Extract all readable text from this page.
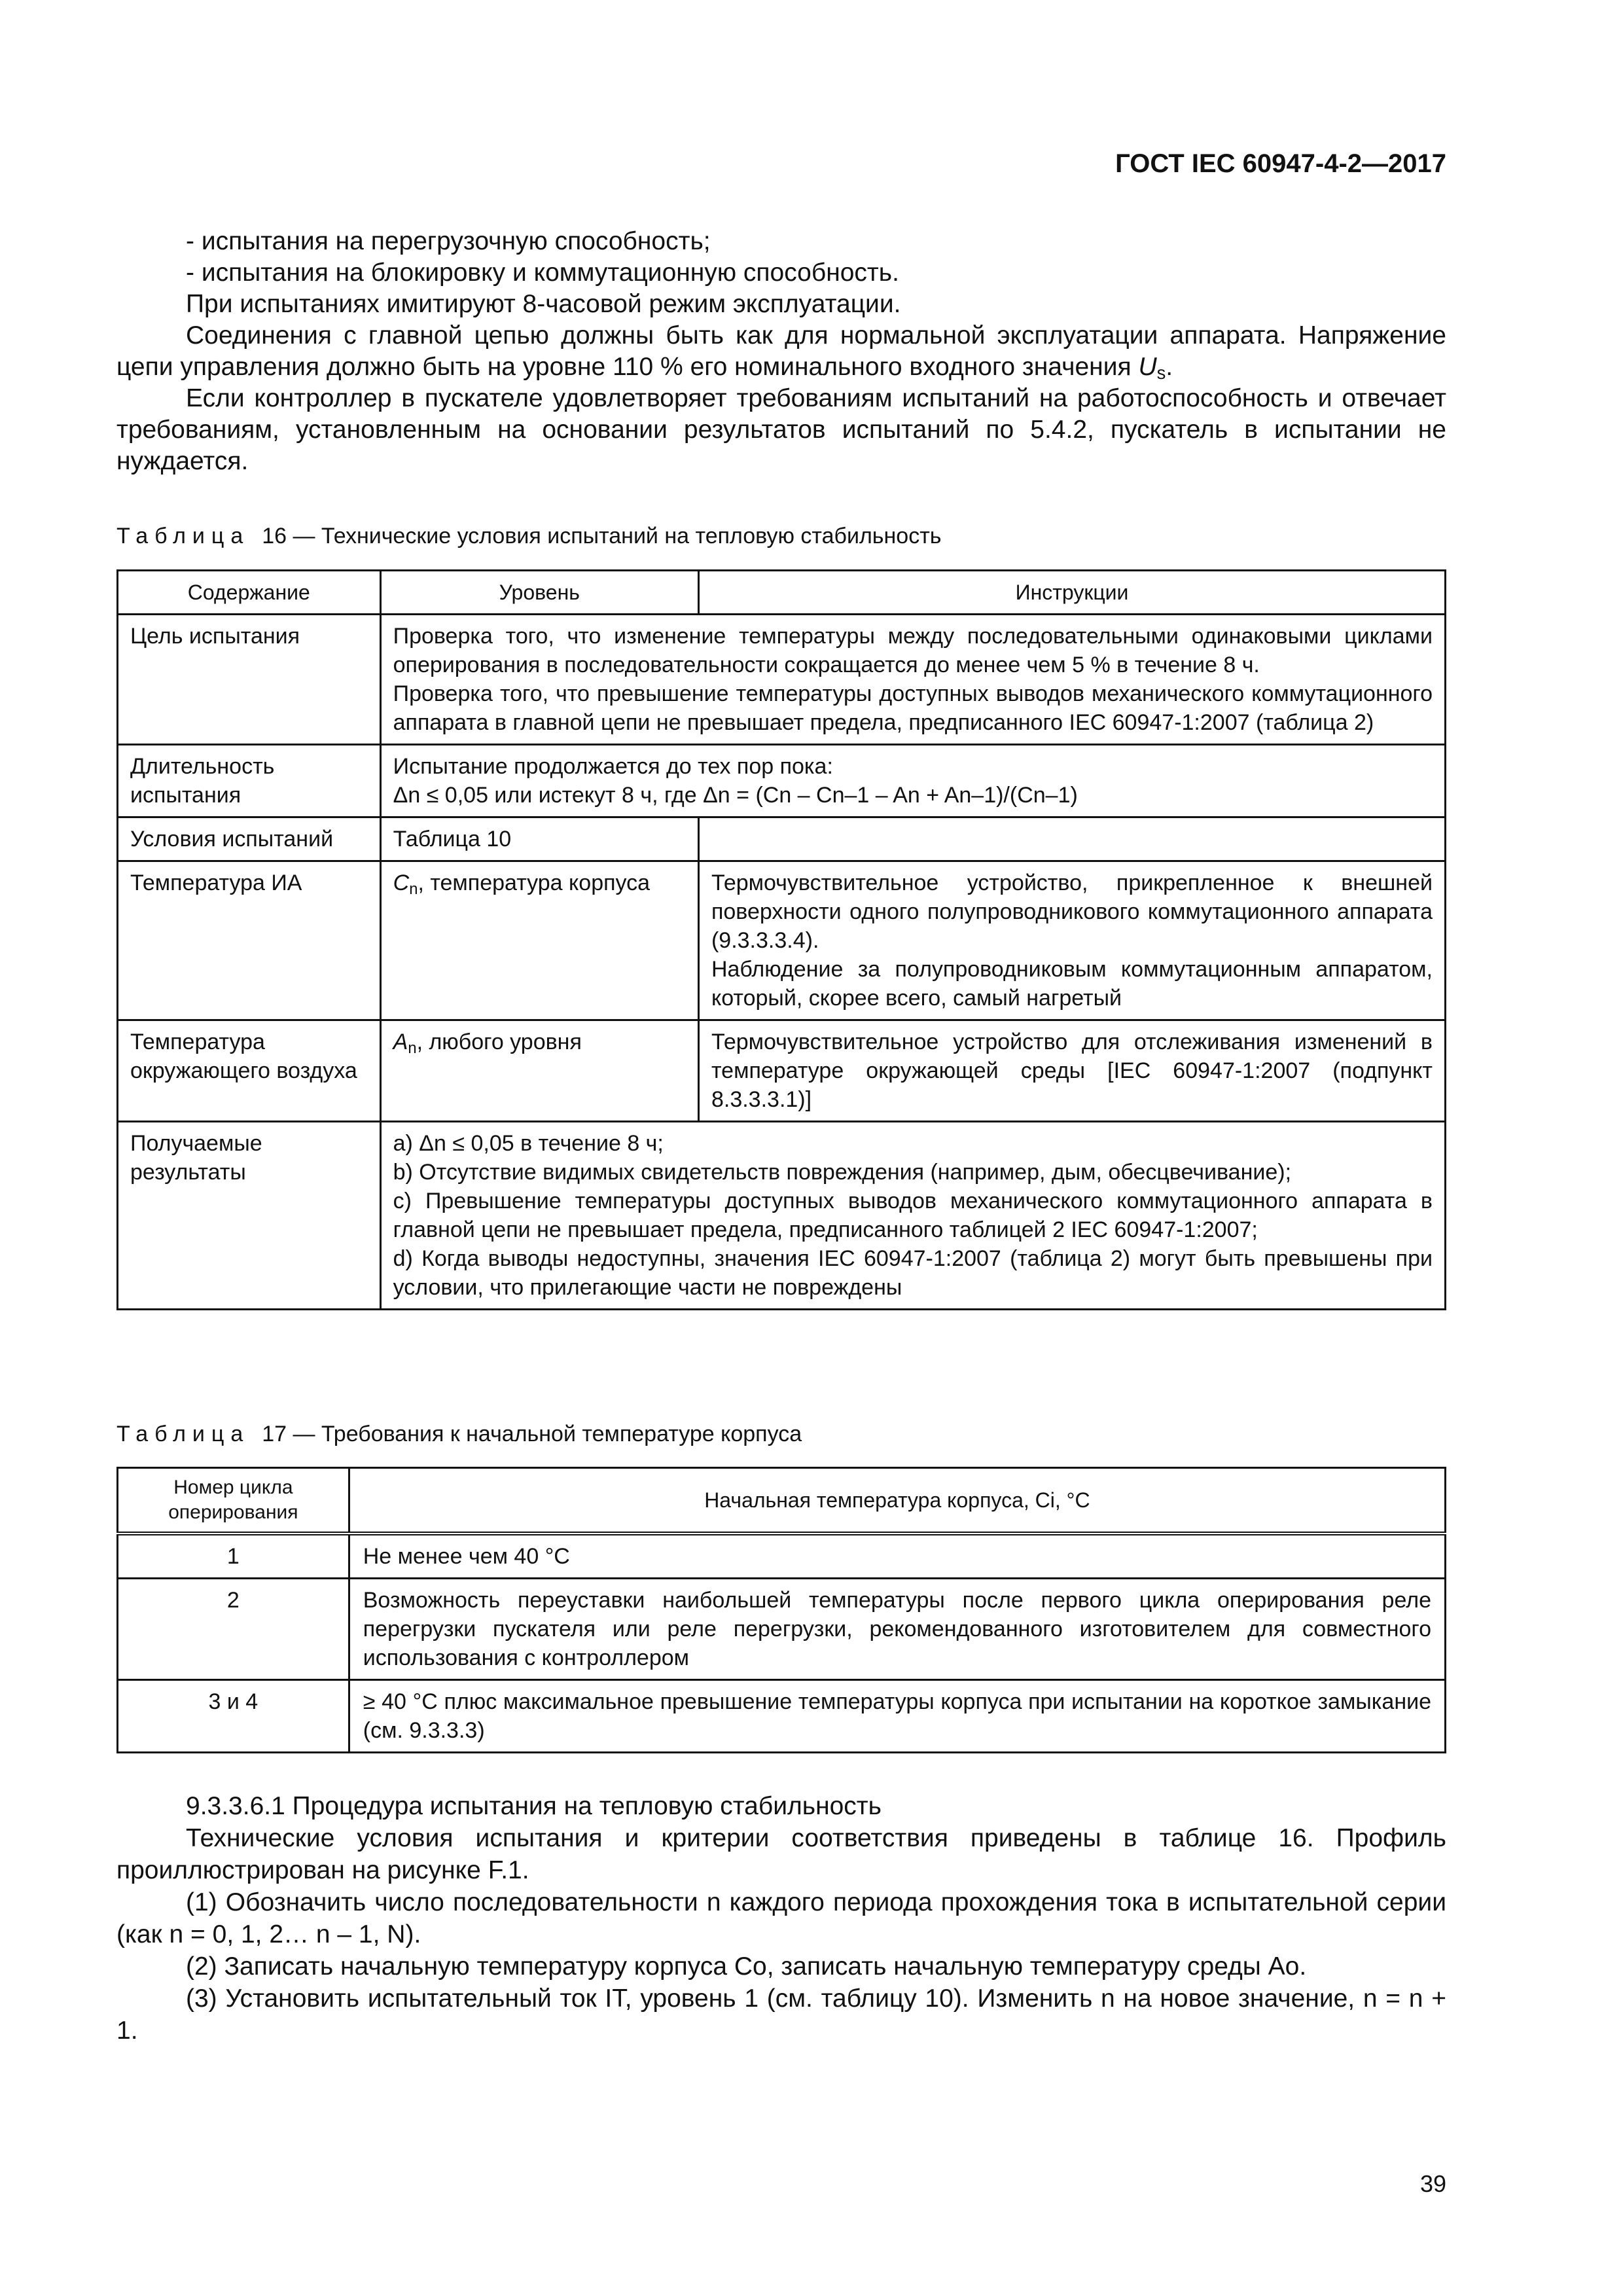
ГОСТ IEC 60947-4-2—2017

- испытания на перегрузочную способность;

- испытания на блокировку и коммутационную способность.

При испытаниях имитируют 8-часовой режим эксплуатации.

Соединения с главной цепью должны быть как для нормальной эксплуатации аппарата. Напряжение цепи управления должно быть на уровне 110 % его номинального входного значения $U_s$.

Если контроллер в пускателе удовлетворяет требованиям испытаний на работоспособность и отвечает требованиям, установленным на основании результатов испытаний по 5.4.2, пускатель в испытании не нуждается.

Таблица 16 — Технические условия испытаний на тепловую стабильность
Содержание	Уровень	Инструкции
Цель испытания	Проверка того, что изменение температуры между последовательными одинаковыми циклами оперирования в последовательности сокращается до менее чем 5 % в течение 8 ч.
Проверка того, что превышение температуры доступных выводов механического коммутационного аппарата в главной цепи не превышает предела, предписанного IEC 60947-1:2007 (таблица 2)	

Длительность испытания	Испытание продолжается до тех пор пока:
Δn ≤ 0,05 или истекут 8 ч, где Δn = (Cn – Cn–1 – An + An–1)/(Cn–1)	

Условия испытаний	Таблица 10	
Температура ИА	$C_n$, температура корпуса	Термочувствительное устройство, прикрепленное к внешней поверхности одного полупроводникового коммутационного аппарата (9.3.3.3.4).
Наблюдение за полупроводниковым коммутационным аппаратом, который, скорее всего, самый нагретый

Температура окружающего воздуха	$A_n$, любого уровня	Термочувствительное устройство для отслеживания изменений в температуре окружающей среды [IEC 60947-1:2007 (подпункт 8.3.3.3.1)]
Получаемые результаты	a) Δn ≤ 0,05 в течение 8 ч;
b) Отсутствие видимых свидетельств повреждения (например, дым, обесцвечивание);
c) Превышение температуры доступных выводов механического коммутационного аппарата в главной цепи не превышает предела, предписанного таблицей 2 IEC 60947-1:2007;
d) Когда выводы недоступны, значения IEC 60947-1:2007 (таблица 2) могут быть превышены при условии, что прилегающие части не повреждены	
Таблица 17 — Требования к начальной температуре корпуса
Номер цикла оперирования	Начальная температура корпуса, Ci, °C
1	Не менее чем 40 °C
2	Возможность переуставки наибольшей температуры после первого цикла оперирования реле перегрузки пускателя или реле перегрузки, рекомендованного изготовителем для совместного использования с контроллером
3 и 4	≥ 40 °C плюс максимальное превышение температуры корпуса при испытании на короткое замыкание (см. 9.3.3.3)

9.3.3.6.1 Процедура испытания на тепловую стабильность

Технические условия испытания и критерии соответствия приведены в таблице 16. Профиль проиллюстрирован на рисунке F.1.

(1) Обозначить число последовательности n каждого периода прохождения тока в испытательной серии (как n = 0, 1, 2… n – 1, N).

(2) Записать начальную температуру корпуса Co, записать начальную температуру среды Ao.

(3) Установить испытательный ток IT, уровень 1 (см. таблицу 10). Изменить n на новое значение, n = n + 1.

39
